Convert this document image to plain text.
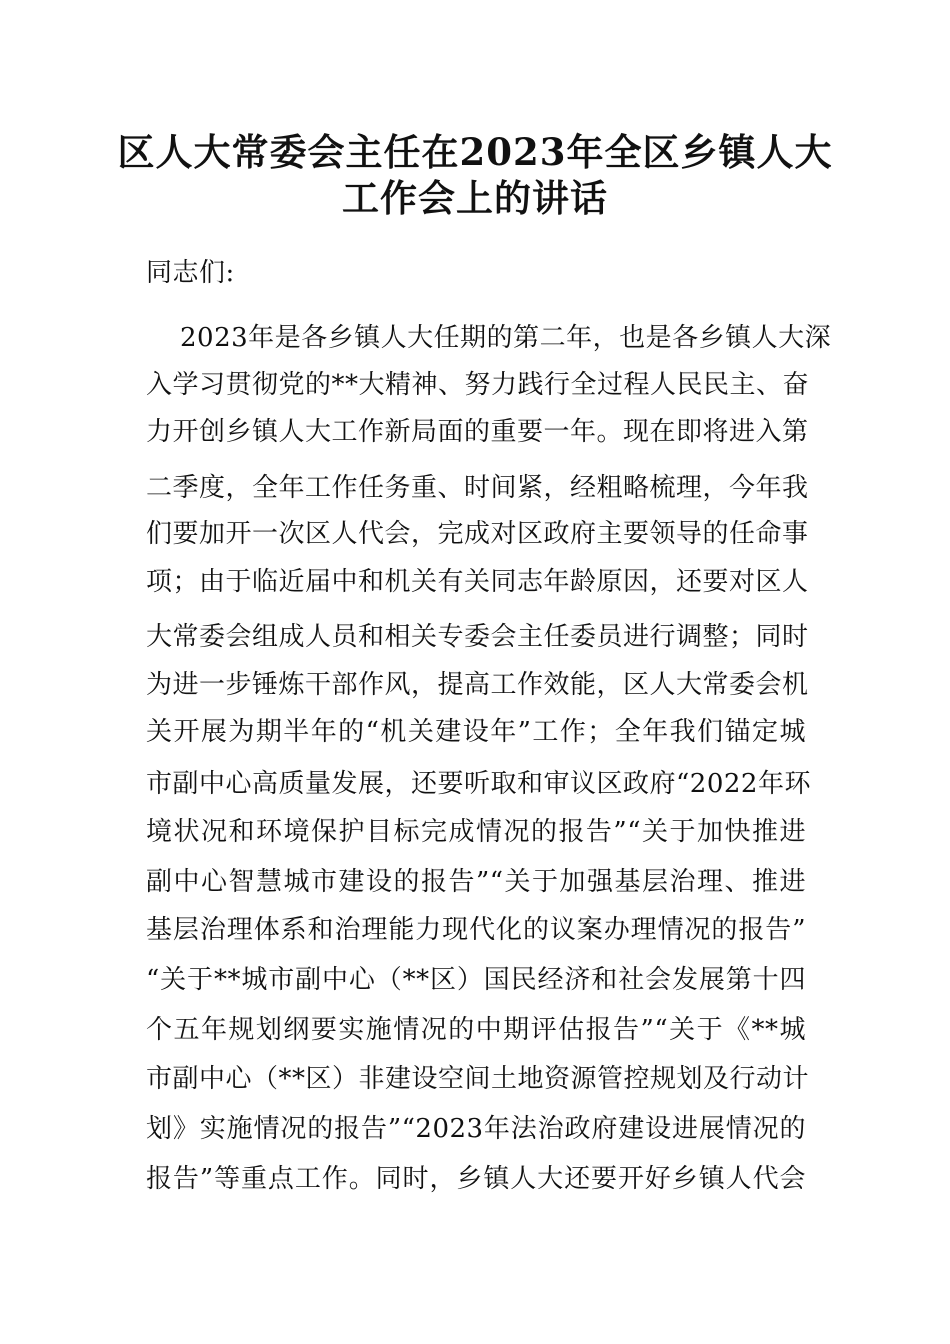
区人大常委会主任在2023年全区乡镇人大
工作会上的讲话
同志们:
2023年是各乡镇人大任期的第二年，也是各乡镇人大深
入学习贯彻党的**大精神、努力践行全过程人民民主、奋
力开创乡镇人大工作新局面的重要一年。现在即将进入第
二季度，全年工作任务重、时间紧，经粗略梳理，今年我
们要加开一次区人代会，完成对区政府主要领导的任命事
项；由于临近届中和机关有关同志年龄原因，还要对区人
大常委会组成人员和相关专委会主任委员进行调整；同时
为进一步锤炼干部作风，提高工作效能，区人大常委会机
关开展为期半年的“机关建设年”工作；全年我们锚定城
市副中心高质量发展，还要听取和审议区政府“2022年环
境状况和环境保护目标完成情况的报告”“关于加快推进
副中心智慧城市建设的报告”“关于加强基层治理、推进
基层治理体系和治理能力现代化的议案办理情况的报告”
“关于**城市副中心（**区）国民经济和社会发展第十四
个五年规划纲要实施情况的中期评估报告”“关于《**城
市副中心（**区）非建设空间土地资源管控规划及行动计
划》实施情况的报告”“2023年法治政府建设进展情况的
报告”等重点工作。同时，乡镇人大还要开好乡镇人代会
